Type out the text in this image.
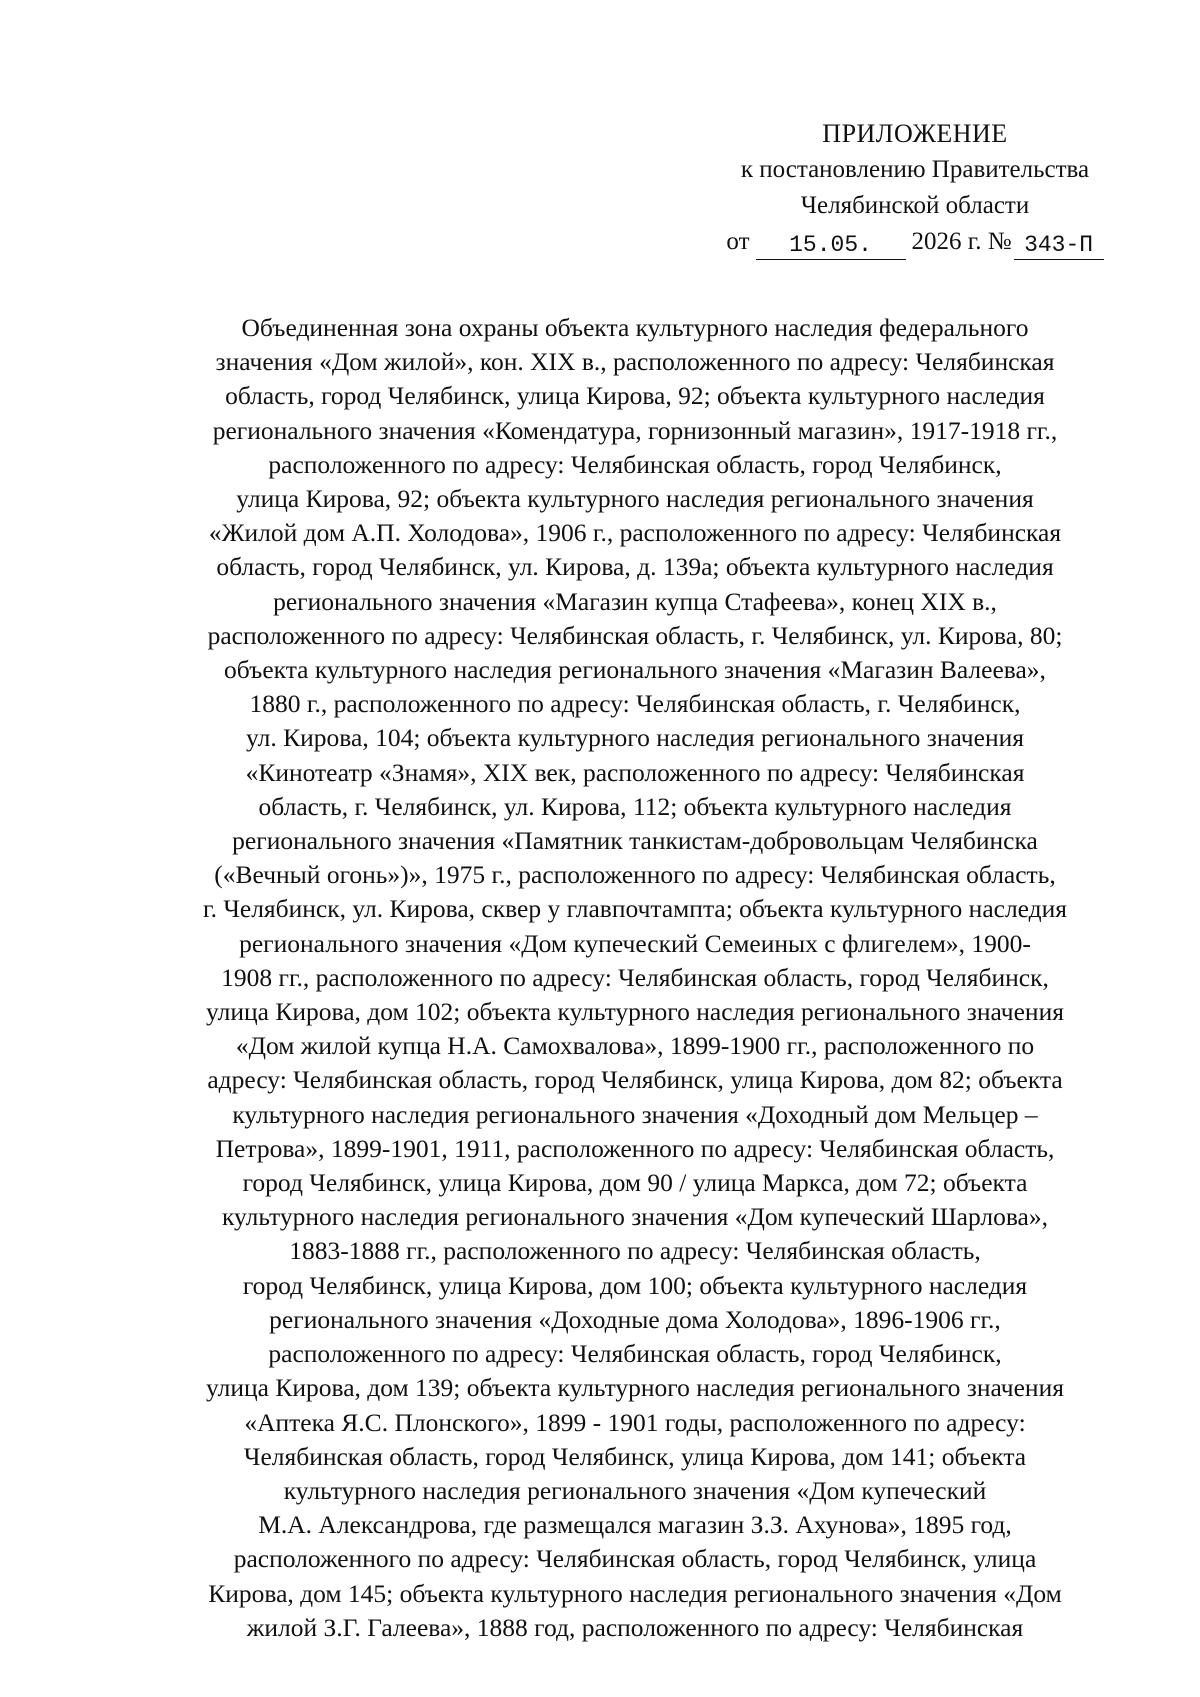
ПРИЛОЖЕНИЕ
к постановлению Правительства
Челябинской области
от	15.05.	2026 г. № 343-П
Объединенная зона охраны объекта культурного наследия федерального
значения «Дом жилой», кон. XIX в., расположенного по адресу: Челябинская
область, город Челябинск, улица Кирова, 92; объекта культурного наследия
регионального значения «Комендатура, горнизонный магазин», 1917-1918 гг.,
расположенного по адресу: Челябинская область, город Челябинск,
улица Кирова, 92; объекта культурного наследия регионального значения
«Жилой дом А.П. Холодова», 1906 г., расположенного по адресу: Челябинская
область, город Челябинск, ул. Кирова, д. 139а; объекта культурного наследия
регионального значения «Магазин купца Стафеева», конец XIX в.,
расположенного по адресу: Челябинская область, г. Челябинск, ул. Кирова, 80;
объекта культурного наследия регионального значения «Магазин Валеева»,
1880 г., расположенного по адресу: Челябинская область, г. Челябинск,
ул. Кирова, 104; объекта культурного наследия регионального значения
«Кинотеатр «Знамя», XIX век, расположенного по адресу: Челябинская
область, г. Челябинск, ул. Кирова, 112; объекта культурного наследия
регионального значения «Памятник танкистам-добровольцам Челябинска
(«Вечный огонь»)», 1975 г., расположенного по адресу: Челябинская область,
г. Челябинск, ул. Кирова, сквер у главпочтампта; объекта культурного наследия
регионального значения «Дом купеческий Семеиных с флигелем», 1900-
1908 гг., расположенного по адресу: Челябинская область, город Челябинск,
улица Кирова, дом 102; объекта культурного наследия регионального значения
«Дом жилой купца Н.А. Самохвалова», 1899-1900 гг., расположенного по
адресу: Челябинская область, город Челябинск, улица Кирова, дом 82; объекта
культурного наследия регионального значения «Доходный дом Мельцер –
Петрова», 1899-1901, 1911, расположенного по адресу: Челябинская область,
город Челябинск, улица Кирова, дом 90 / улица Маркса, дом 72; объекта
культурного наследия регионального значения «Дом купеческий Шарлова»,
1883-1888 гг., расположенного по адресу: Челябинская область,
город Челябинск, улица Кирова, дом 100; объекта культурного наследия
регионального значения «Доходные дома Холодова», 1896-1906 гг.,
расположенного по адресу: Челябинская область, город Челябинск,
улица Кирова, дом 139; объекта культурного наследия регионального значения
«Аптека Я.С. Плонского», 1899 - 1901 годы, расположенного по адресу:
Челябинская область, город Челябинск, улица Кирова, дом 141; объекта
культурного наследия регионального значения «Дом купеческий
М.А. Александрова, где размещался магазин З.З. Ахунова», 1895 год,
расположенного по адресу: Челябинская область, город Челябинск, улица
Кирова, дом 145; объекта культурного наследия регионального значения «Дом
жилой З.Г. Галеева», 1888 год, расположенного по адресу: Челябинская
